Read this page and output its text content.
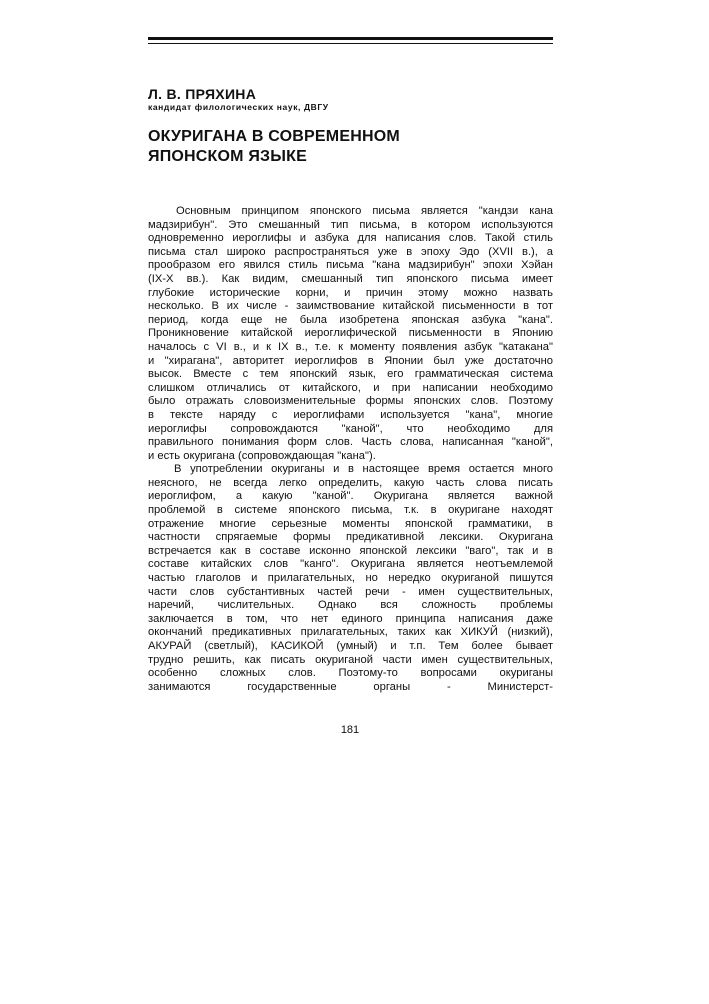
Л. В. ПРЯХИНА
кандидат филологических наук, ДВГУ
ОКУРИГАНА В СОВРЕМЕННОМ
ЯПОНСКОМ ЯЗЫКЕ
Основным принципом японского письма является "кандзи кана
мадзирибун". Это смешанный тип письма, в котором используются
одновременно иероглифы и азбука для написания слов. Такой стиль
письма стал широко распространяться уже в эпоху Эдо (XVII в.), а
прообразом его явился стиль письма "кана мадзирибун" эпохи Хэйан
(IX-X вв.). Как видим, смешанный тип японского письма имеет
глубокие исторические корни, и причин этому можно назвать
несколько. В их числе - заимствование китайской письменности в тот
период, когда еще не была изобретена японская азбука "кана".
Проникновение китайской иероглифической письменности в Японию
началось с VI в., и к IX в., т.е. к моменту появления азбук "катакана"
и "хирагана", авторитет иероглифов в Японии был уже достаточно
высок. Вместе с тем японский язык, его грамматическая система
слишком отличались от китайского, и при написании необходимо
было отражать словоизменительные формы японских слов. Поэтому
в тексте наряду с иероглифами используется "кана", многие
иероглифы сопровождаются "каной", что необходимо для
правильного понимания форм слов. Часть слова, написанная "каной",
и есть окуригана (сопровождающая "кана").
В употреблении окуриганы и в настоящее время остается много
неясного, не всегда легко определить, какую часть слова писать
иероглифом, а какую "каной". Окуригана является важной
проблемой в системе японского письма, т.к. в окуригане находят
отражение многие серьезные моменты японской грамматики, в
частности спрягаемые формы предикативной лексики. Окуригана
встречается как в составе исконно японской лексики "ваго", так и в
составе китайских слов "канго". Окуригана является неотъемлемой
частью глаголов и прилагательных, но нередко окуриганой пишутся
части слов субстантивных частей речи - имен существительных,
наречий, числительных. Однако вся сложность проблемы
заключается в том, что нет единого принципа написания даже
окончаний предикативных прилагательных, таких как ХИКУЙ (низкий),
АКУРАЙ (светлый), КАСИКОЙ (умный) и т.п. Тем более бывает
трудно решить, как писать окуриганой части имен существительных,
особенно сложных слов. Поэтому-то вопросами окуриганы
занимаются государственные органы - Министерст-
181
